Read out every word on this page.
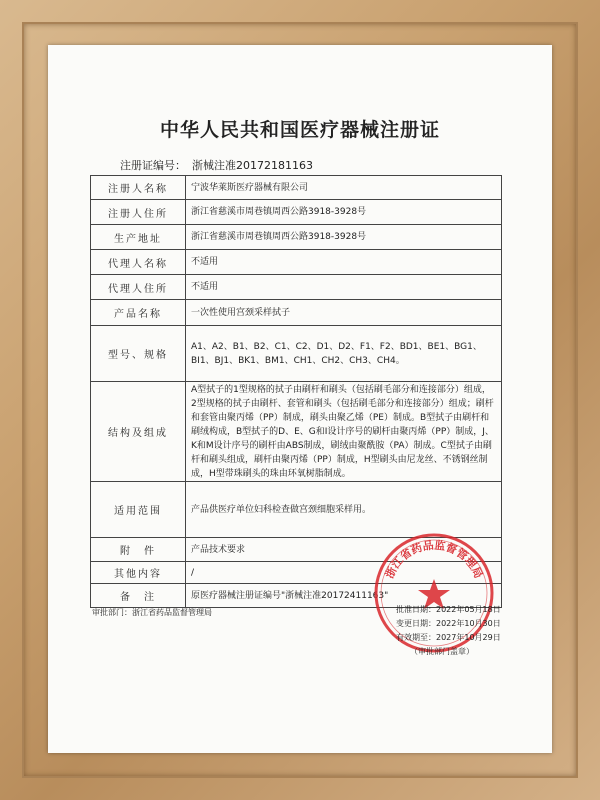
中华人民共和国医疗器械注册证
注册证编号： 浙械注准20172181163
注册人名称	宁波华莱斯医疗器械有限公司
注册人住所	浙江省慈溪市周巷镇周西公路3918-3928号
生产地址	浙江省慈溪市周巷镇周西公路3918-3928号
代理人名称	不适用
代理人住所	不适用
产品名称	一次性使用宫颈采样拭子
型号、规格	A1、A2、B1、B2、C1、C2、D1、D2、F1、F2、BD1、BE1、BG1、BI1、BJ1、BK1、BM1、CH1、CH2、CH3、CH4。
结构及组成	A型拭子的1型规格的拭子由刷杆和刷头（包括刷毛部分和连接部分）组成，2型规格的拭子由刷杆、套管和刷头（包括刷毛部分和连接部分）组成；刷杆和套管由聚丙烯（PP）制成，刷头由聚乙烯（PE）制成。B型拭子由刷杆和刷绒构成，B型拭子的D、E、G和I设计序号的刷杆由聚丙烯（PP）制成，J、K和M设计序号的刷杆由ABS制成，刷绒由聚酰胺（PA）制成。C型拭子由刷杆和刷头组成，刷杆由聚丙烯（PP）制成，H型刷头由尼龙丝、不锈钢丝制成，H型带珠刷头的珠由环氧树脂制成。
适用范围	产品供医疗单位妇科检查做宫颈细胞采样用。
附　件	产品技术要求
其他内容	/
备　注	原医疗器械注册证编号"浙械注准20172411163"
审批部门：浙江省药品监督管理局
浙江省药品监督管理局
批准日期：2022年05月18日
变更日期：2022年10月30日
有效期至：2027年10月29日
（审批部门盖章）
